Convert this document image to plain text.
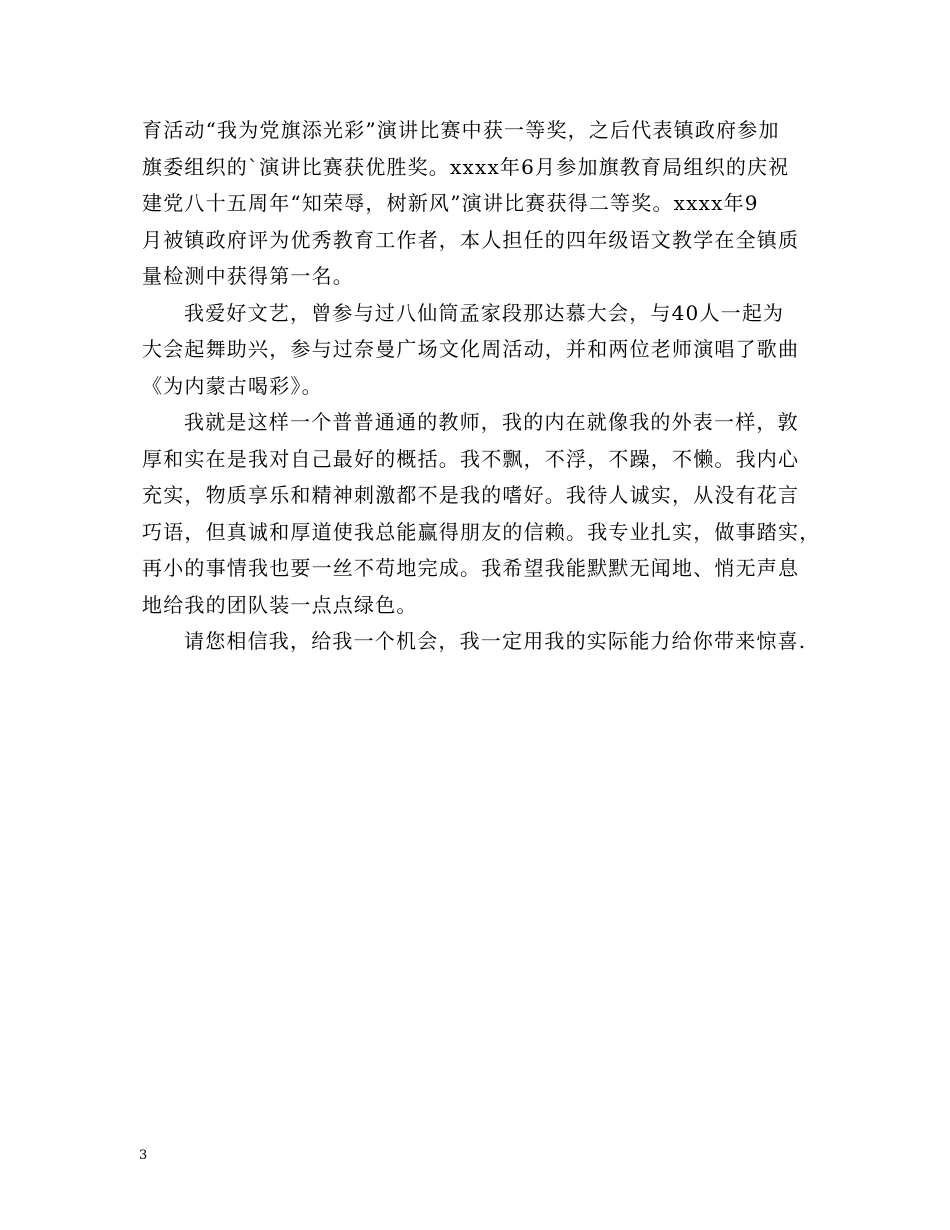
育活动“我为党旗添光彩”演讲比赛中获一等奖，之后代表镇政府参加
旗委组织的`演讲比赛获优胜奖。xxxx年6月参加旗教育局组织的庆祝
建党八十五周年“知荣辱，树新风”演讲比赛获得二等奖。xxxx年9
月被镇政府评为优秀教育工作者，本人担任的四年级语文教学在全镇质
量检测中获得第一名。
我爱好文艺，曾参与过八仙筒孟家段那达慕大会，与40人一起为
大会起舞助兴，参与过奈曼广场文化周活动，并和两位老师演唱了歌曲
《为内蒙古喝彩》。
我就是这样一个普普通通的教师，我的内在就像我的外表一样，敦
厚和实在是我对自己最好的概括。我不飘，不浮，不躁，不懒。我内心
充实，物质享乐和精神刺激都不是我的嗜好。我待人诚实，从没有花言
巧语，但真诚和厚道使我总能赢得朋友的信赖。我专业扎实，做事踏实，
再小的事情我也要一丝不苟地完成。我希望我能默默无闻地、悄无声息
地给我的团队装一点点绿色。
请您相信我，给我一个机会，我一定用我的实际能力给你带来惊喜.
3
